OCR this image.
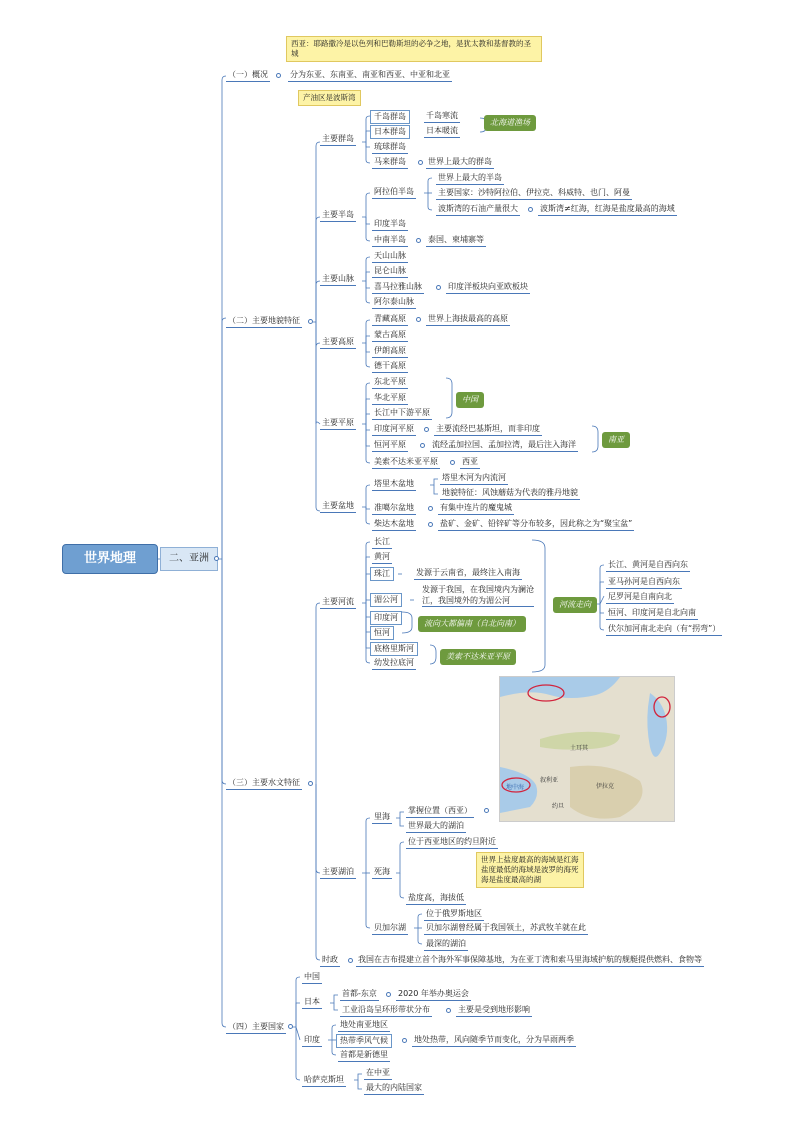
世界地理	二、亚洲
西亚：耶路撒冷是以色列和巴勒斯坦的必争之地，是犹太教和基督教的圣城
（一）概况	分为东亚、东南亚、南亚和西亚、中亚和北亚
产油区是波斯湾
（二）主要地貌特征
主要群岛
千岛群岛	千岛寒流
日本群岛	日本暖流
琉球群岛
马来群岛	世界上最大的群岛
北海道渔场
主要半岛
阿拉伯半岛
世界上最大的半岛
主要国家：沙特阿拉伯、伊拉克、科威特、也门、阿曼
波斯湾的石油产量很大	波斯湾≠红海，红海是盐度最高的海域
印度半岛
中南半岛	泰国、柬埔寨等
主要山脉
天山山脉
昆仑山脉
喜马拉雅山脉	印度洋板块向亚欧板块
阿尔泰山脉
主要高原
青藏高原	世界上海拔最高的高原
蒙古高原
伊朗高原
德干高原
主要平原
东北平原
华北平原
长江中下游平原
印度河平原	主要流经巴基斯坦，而非印度
恒河平原	流经孟加拉国、孟加拉湾，最后注入海洋
美索不达米亚平原	西亚
中国
南亚
主要盆地
塔里木盆地
塔里木河为内流河
地貌特征：风蚀蘑菇为代表的雅丹地貌
准噶尔盆地	有集中连片的魔鬼城
柴达木盆地	盐矿、金矿、铅锌矿等分布较多，因此称之为“聚宝盆”
（三）主要水文特征
主要河流
长江
黄河
珠江	发源于云南省，最终注入南海
湄公河
发源于我国，在我国境内为澜沧江，我国境外的为湄公河
印度河
恒河
底格里斯河
幼发拉底河
流向大都偏南（自北向南）
美索不达米亚平原
河流走向
长江、黄河是自西向东
亚马孙河是自西向东
尼罗河是自南向北
恒河、印度河是自北向南
伏尔加河南北走向（有“拐弯”）
土耳其
叙利亚
伊拉克
约旦
地中海
主要湖泊
里海
掌握位置（西亚）
世界最大的湖泊
死海
位于西亚地区的约旦附近
世界上盐度最高的海域是红海盐度最低的海域是波罗的海死海是盐度最高的湖
盐度高，海拔低
贝加尔湖
位于俄罗斯地区
贝加尔湖曾经属于我国领土，苏武牧羊就在此
最深的湖泊
时政	我国在吉布提建立首个海外军事保障基地，为在亚丁湾和索马里海域护航的舰艇提供燃料、食物等
（四）主要国家
中国
日本
首都-东京	2020 年举办奥运会
工业沿岛呈环形带状分布	主要是受到地形影响
印度
地处南亚地区
热带季风气候	地处热带，风向随季节而变化，分为旱雨两季
首都是新德里
哈萨克斯坦
在中亚
最大的内陆国家
